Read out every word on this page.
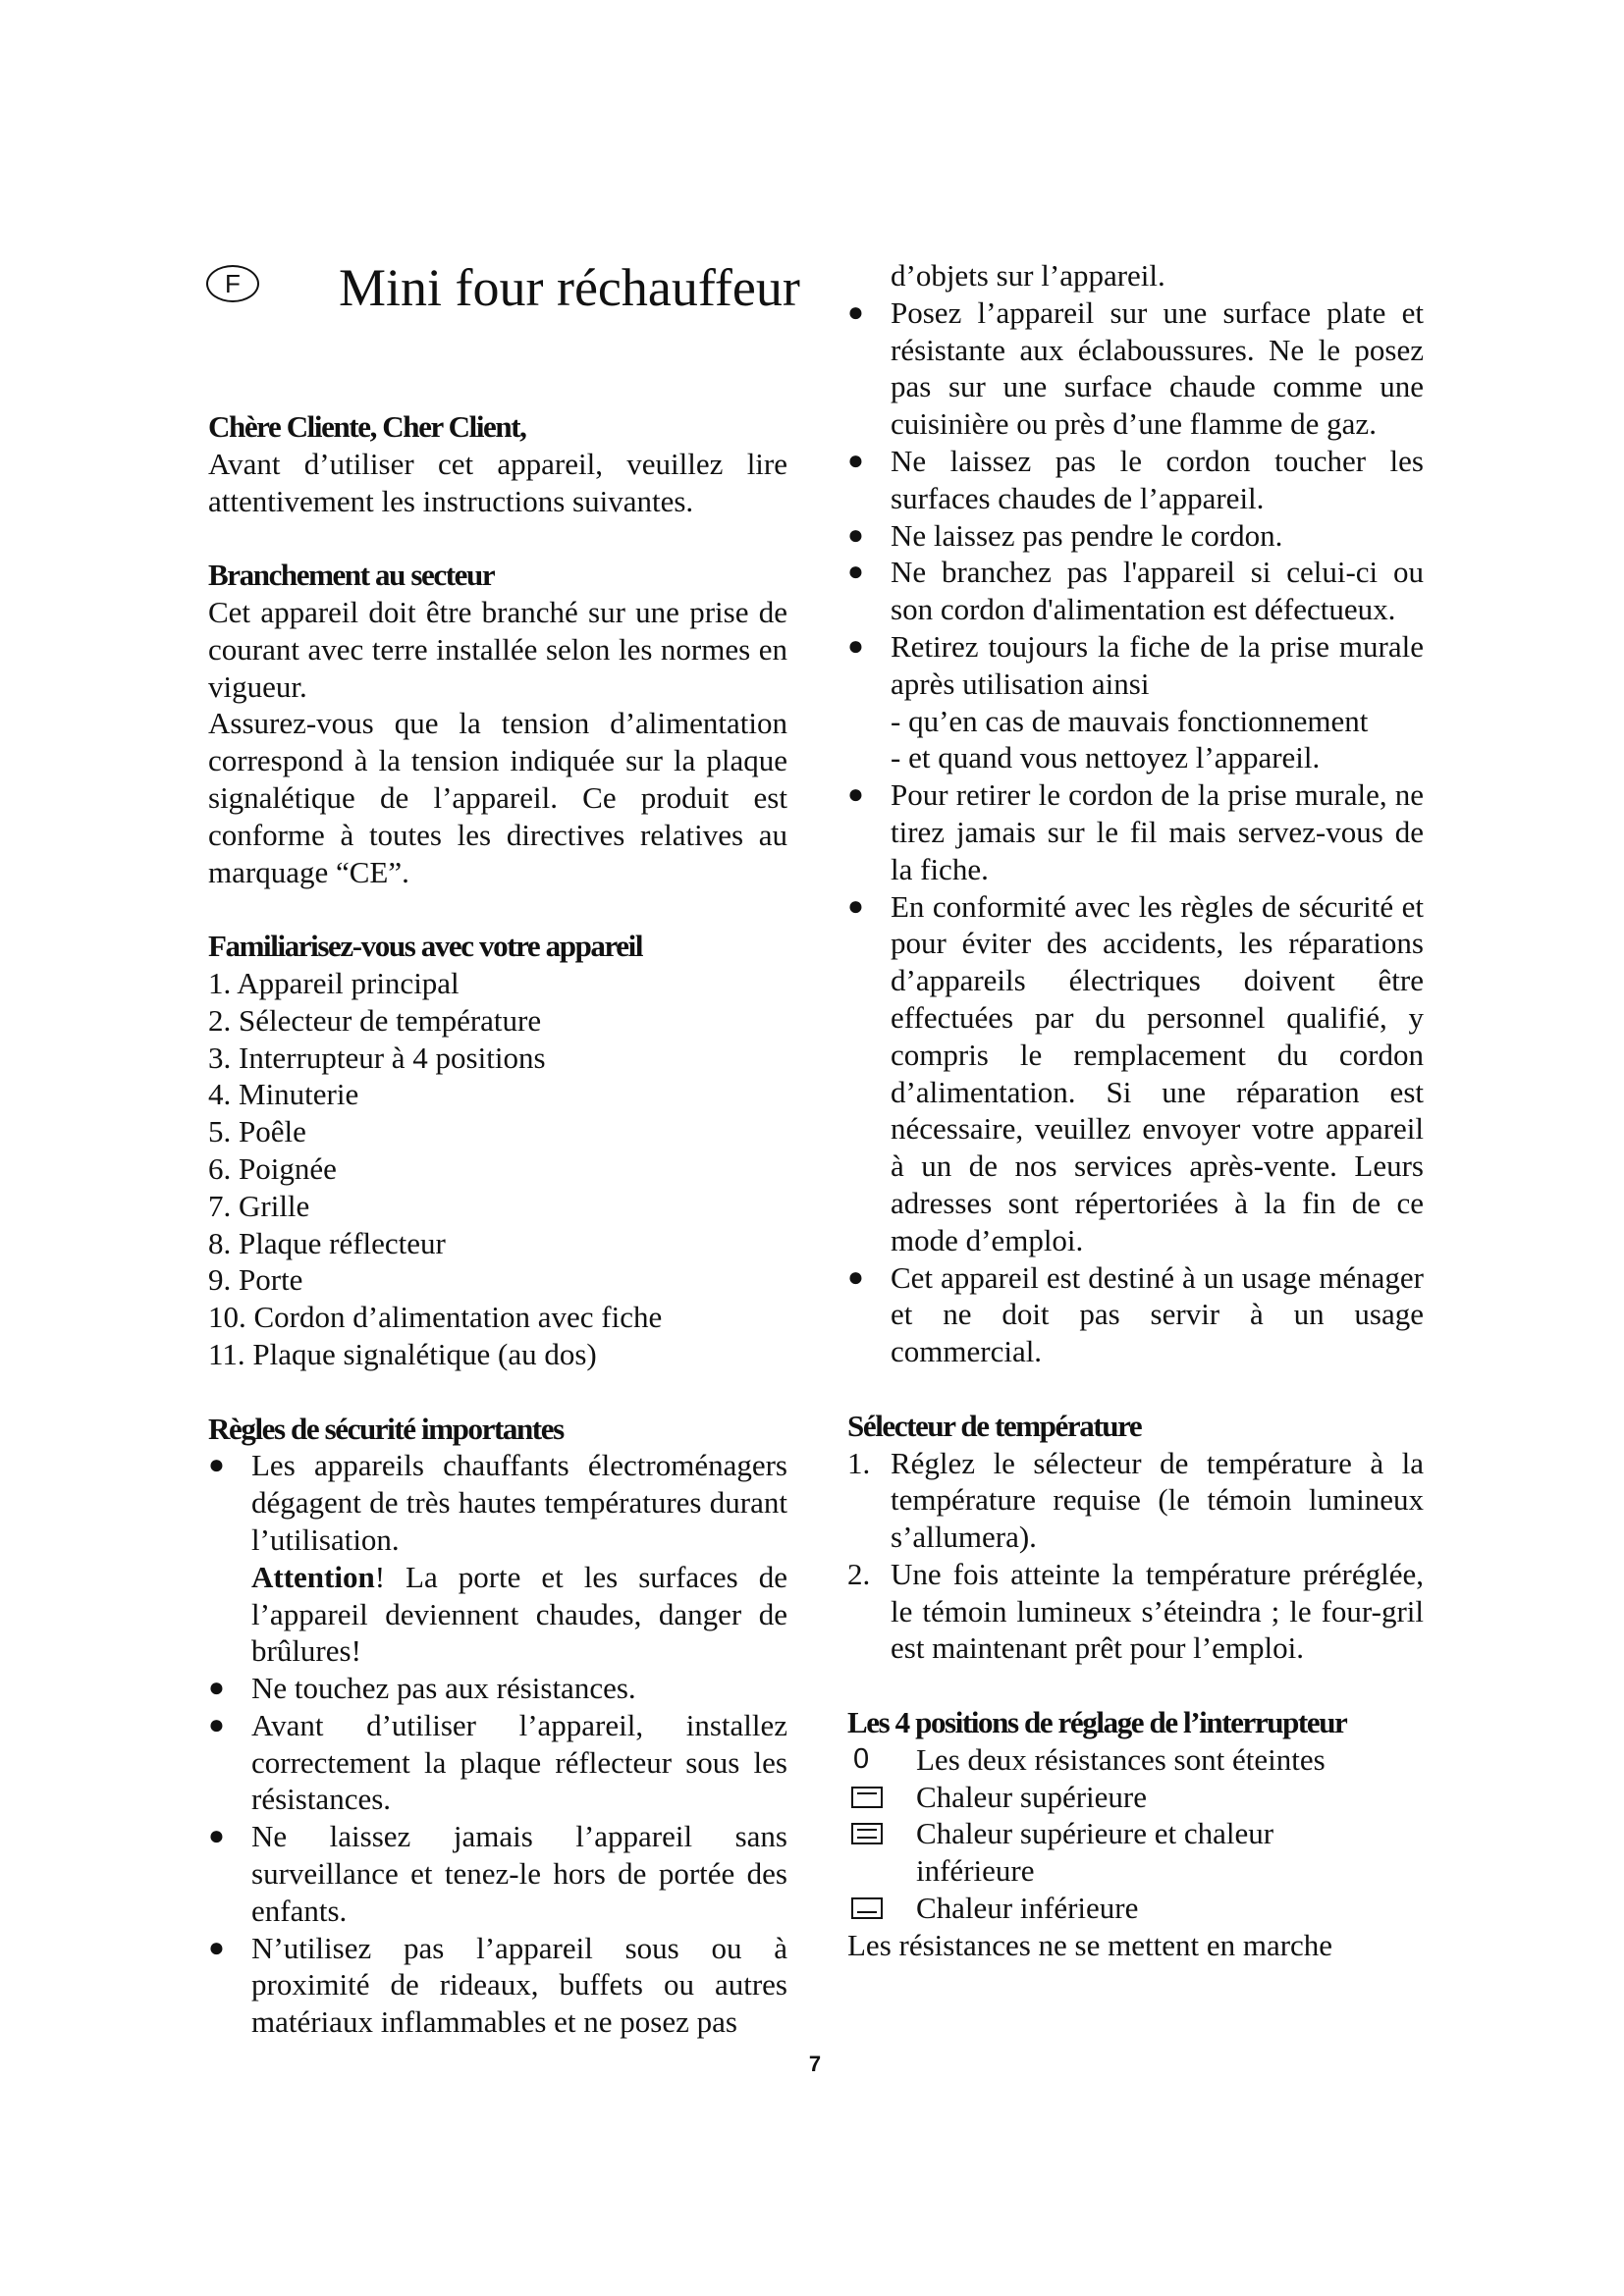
F	Mini four réchauffeur

Chère Cliente, Cher Client,

Avant d’utiliser cet appareil, veuillez lire attentivement les instructions suivantes.

Branchement au secteur

Cet appareil doit être branché sur une prise de courant avec terre installée selon les normes en vigueur.

Assurez-vous que la tension d’alimentation correspond à la tension indiquée sur la plaque signalétique de l’appareil. Ce produit est conforme à toutes les directives relatives au marquage “CE”.

Familiarisez-vous avec votre appareil

1. Appareil principal

2. Sélecteur de température

3. Interrupteur à 4 positions

4. Minuterie

5. Poêle

6. Poignée

7. Grille

8. Plaque réflecteur

9. Porte

10. Cordon d’alimentation avec fiche

11. Plaque signalétique (au dos)

Règles de sécurité importantes

● Les appareils chauffants électroménagers dégagent de très hautes températures durant l’utilisation.

Attention! La porte et les surfaces de l’appareil deviennent chaudes, danger de brûlures!

● Ne touchez pas aux résistances.

● Avant d’utiliser l’appareil, installez correctement la plaque réflecteur sous les résistances.

● Ne laissez jamais l’appareil sans surveillance et tenez-le hors de portée des enfants.

● N’utilisez pas l’appareil sous ou à proximité de rideaux, buffets ou autres matériaux inflammables et ne posez pas

d’objets sur l’appareil.

● Posez l’appareil sur une surface plate et résistante aux éclaboussures. Ne le posez pas sur une surface chaude comme une cuisinière ou près d’une flamme de gaz.

● Ne laissez pas le cordon toucher les surfaces chaudes de l’appareil.

● Ne laissez pas pendre le cordon.

● Ne branchez pas l'appareil si celui-ci ou son cordon d'alimentation est défectueux.

● Retirez toujours la fiche de la prise murale après utilisation ainsi

- qu’en cas de mauvais fonctionnement

- et quand vous nettoyez l’appareil.

● Pour retirer le cordon de la prise murale, ne tirez jamais sur le fil mais servez-vous de la fiche.

● En conformité avec les règles de sécurité et pour éviter des accidents, les réparations d’appareils électriques doivent être effectuées par du personnel qualifié, y compris le remplacement du cordon d’alimentation. Si une réparation est nécessaire, veuillez envoyer votre appareil à un de nos services après-vente. Leurs adresses sont répertoriées à la fin de ce mode d’emploi.

● Cet appareil est destiné à un usage ménager et ne doit pas servir à un usage commercial.

Sélecteur de température

1. Réglez le sélecteur de température à la température requise (le témoin lumineux s’allumera).

2. Une fois atteinte la température préréglée, le témoin lumineux s’éteindra ; le four-gril est maintenant prêt pour l’emploi.

Les 4 positions de réglage de l’interrupteur

0 Les deux résistances sont éteintes

Chaleur supérieure

Chaleur supérieure et chaleur

inférieure

Chaleur inférieure

Les résistances ne se mettent en marche

7
